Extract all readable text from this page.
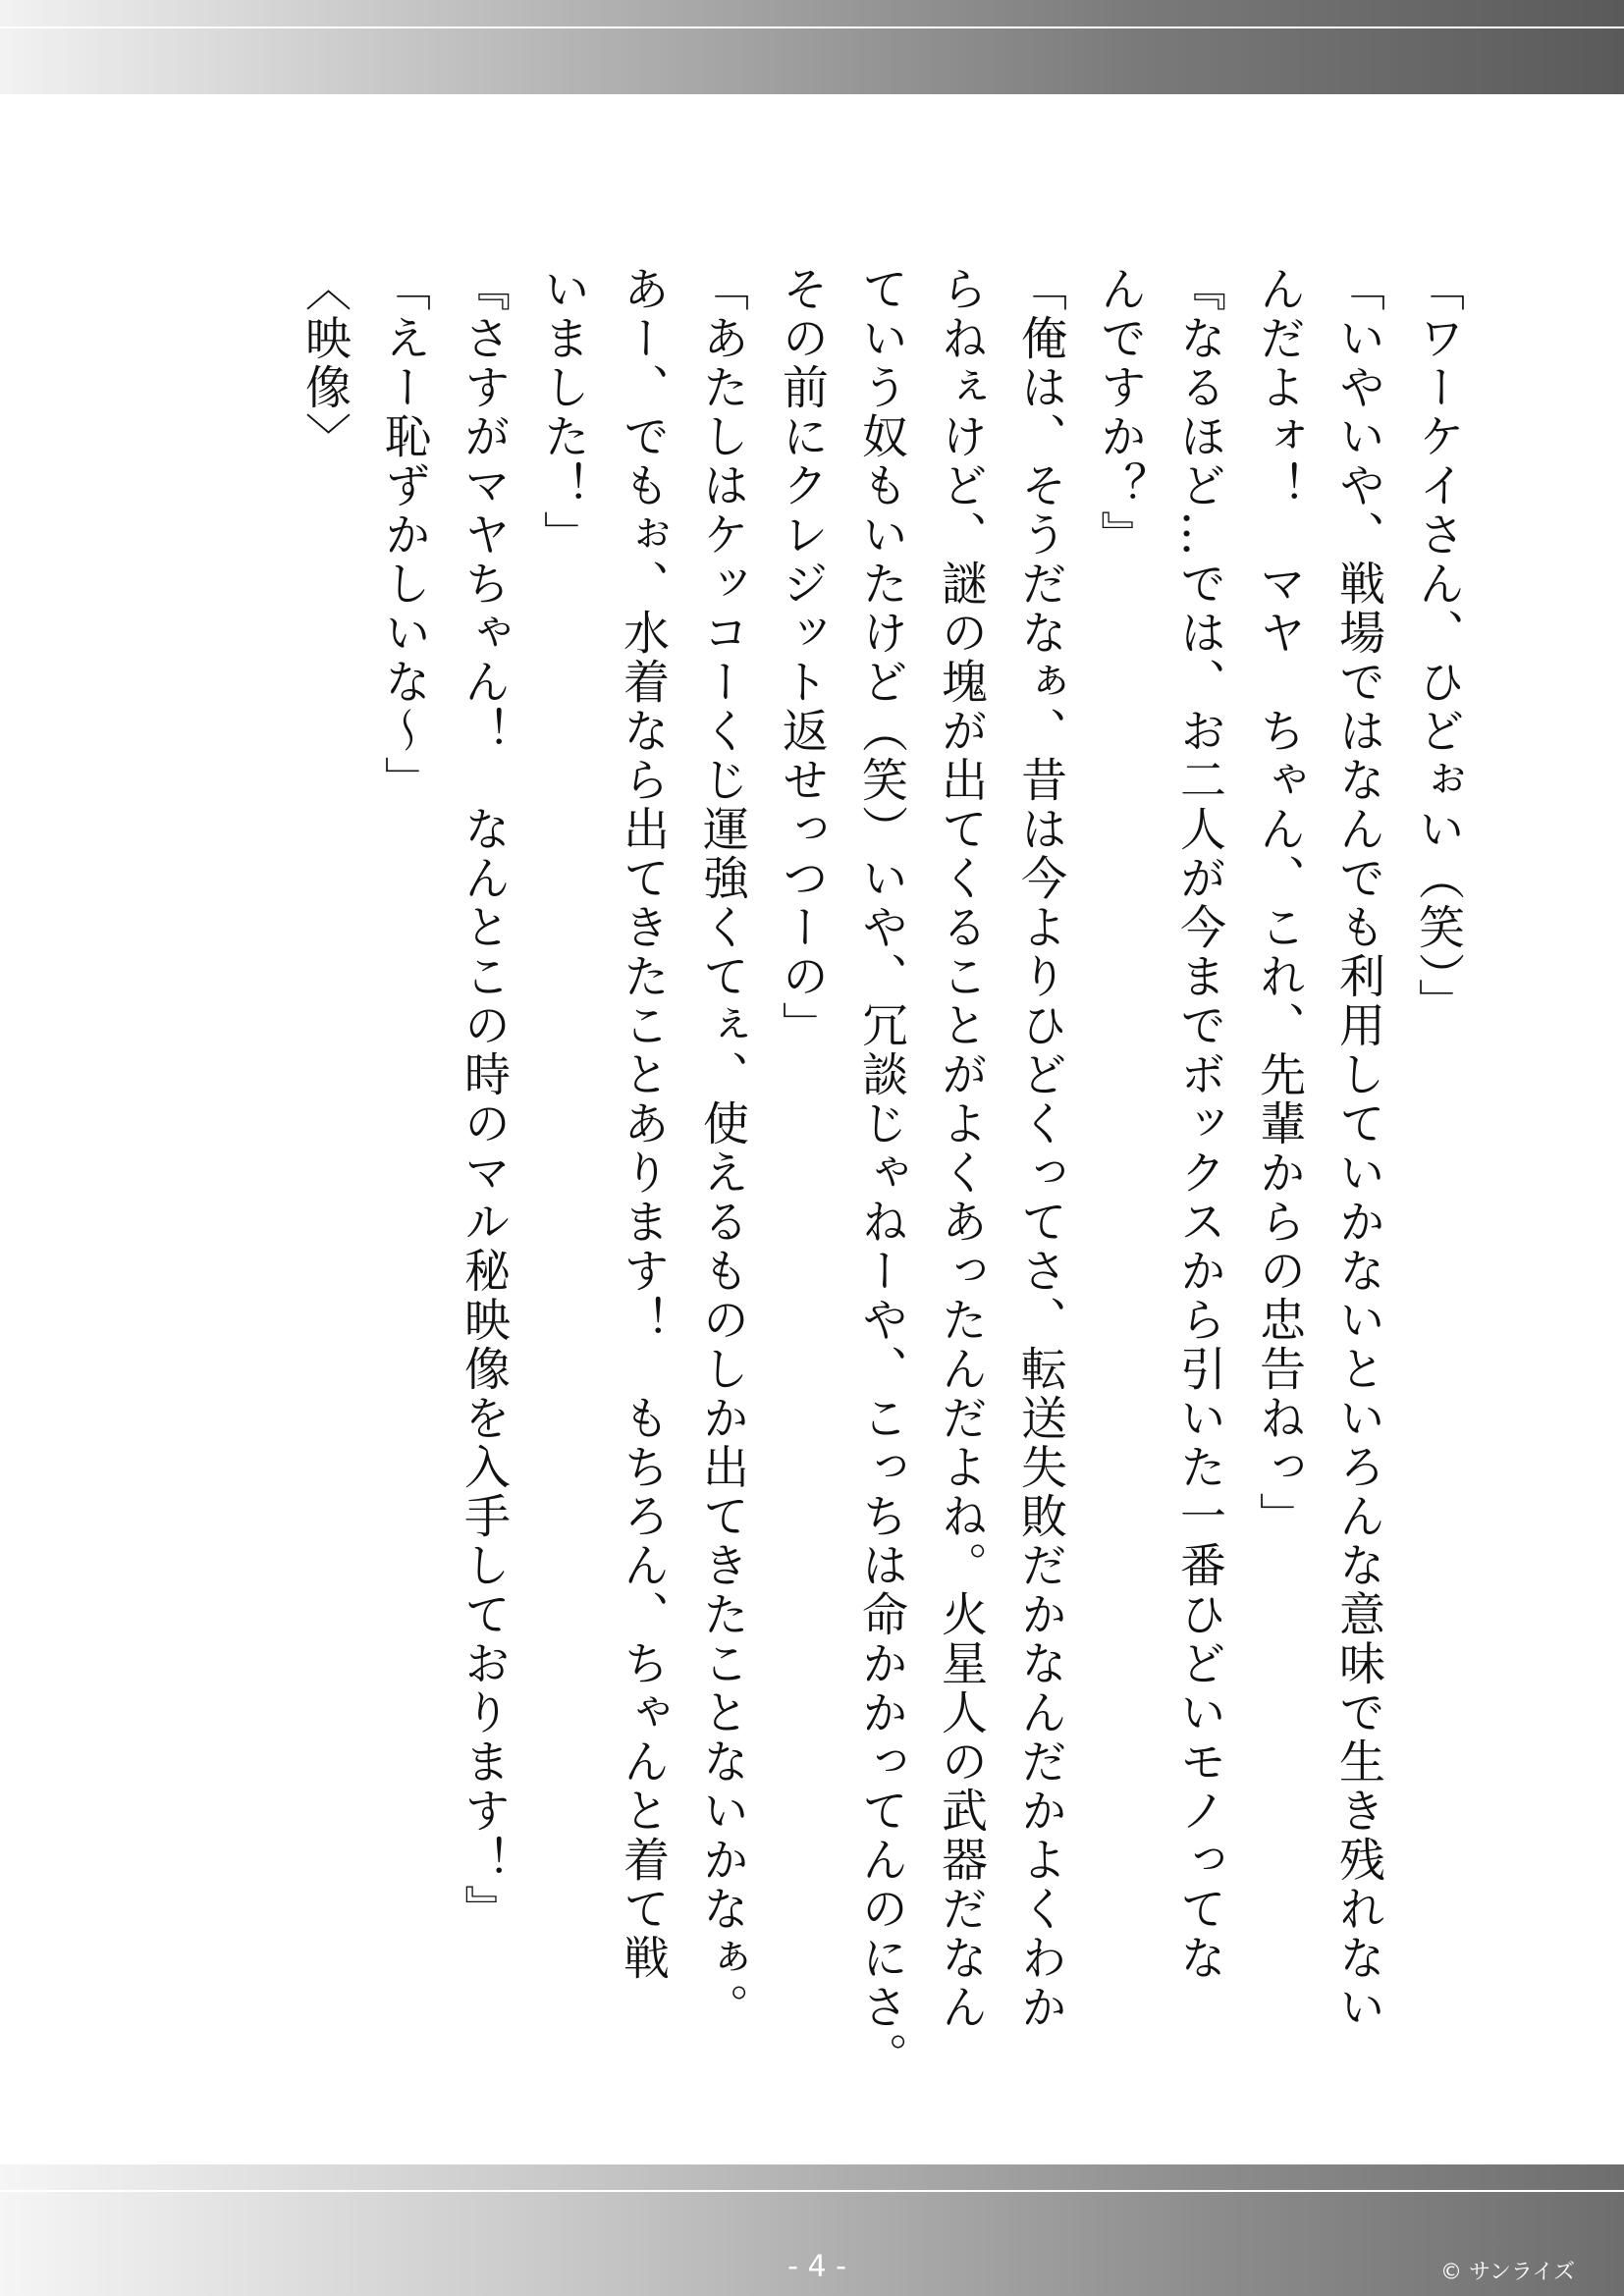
「ワーケイさん、ひどぉい（笑）」

「いやいや、戦場ではなんでも利用していかないといろんな意味で生き残れない

んだよォ！　マヤ　ちゃん、これ、先輩からの忠告ねっ」

『なるほど…では、お二人が今までボックスから引いた一番ひどいモノってな

んですか？』

「俺は、そうだなぁ、昔は今よりひどくってさ、転送失敗だかなんだかよくわか

らねぇけど、謎の塊が出てくることがよくあったんだよね。火星人の武器だなん

ていう奴もいたけど（笑）いや、冗談じゃねーや、こっちは命かかってんのにさ。

その前にクレジット返せっつーの」

「あたしはケッコーくじ運強くてぇ、使えるものしか出てきたことないかなぁ。

あー、でもぉ、水着なら出てきたことあります！　もちろん、ちゃんと着て戦

いました！」

『さすがマヤちゃん！　なんとこの時のマル秘映像を入手しております！』

「えー恥ずかしいな～」

〈映像〉

- 4 -	© サンライズ
